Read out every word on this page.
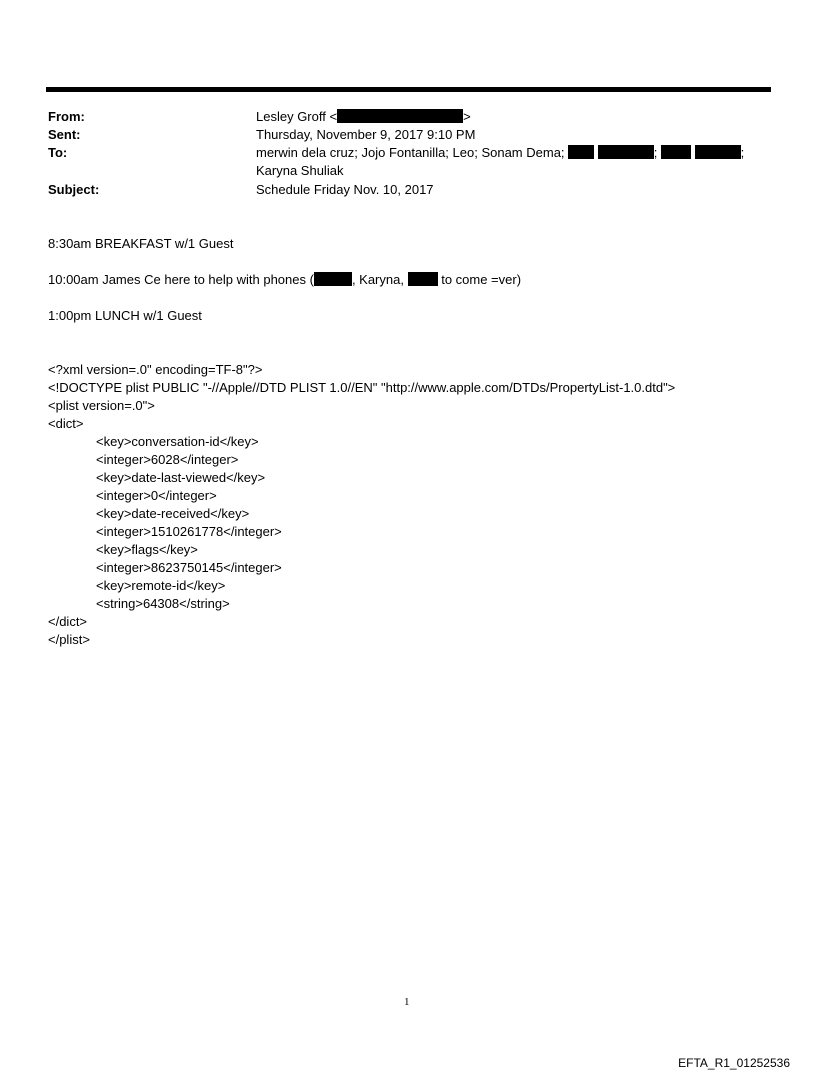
From:	Lesley Groff <	>
Sent:	Thursday, November 9, 2017 9:10 PM
To:	merwin dela cruz; Jojo Fontanilla; Leo; Sonam Dema;	;	;
Karyna Shuliak
Subject:	Schedule Friday Nov. 10, 2017
8:30am BREAKFAST w/1 Guest
10:00am James Ce here to help with phones (	, Karyna,	to come =ver)
1:00pm LUNCH w/1 Guest
<?xml version=.0" encoding=TF-8"?>
<!DOCTYPE plist PUBLIC "-//Apple//DTD PLIST 1.0//EN" "http://www.apple.com/DTDs/PropertyList-1.0.dtd">
<plist version=.0">
<dict>
<key>conversation-id</key>
<integer>6028</integer>
<key>date-last-viewed</key>
<integer>0</integer>
<key>date-received</key>
<integer>1510261778</integer>
<key>flags</key>
<integer>8623750145</integer>
<key>remote-id</key>
<string>64308</string>
</dict>
</plist>
1
EFTA_R1_01252536
